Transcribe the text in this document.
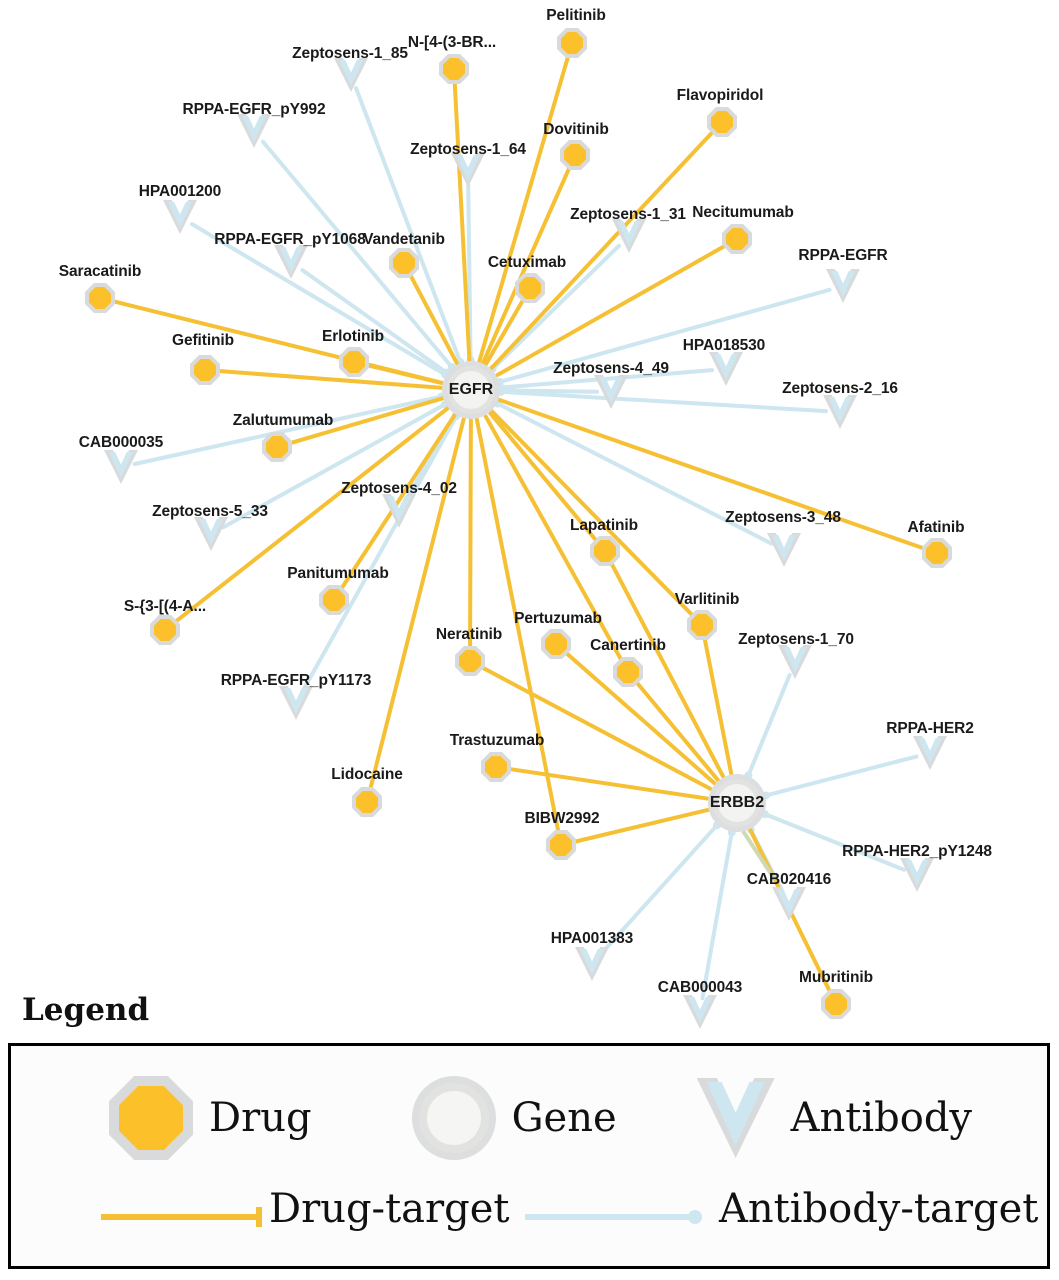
Zeptosens-1_85
RPPA-EGFR_pY992
Zeptosens-1_64
HPA001200
Zeptosens-1_31
RPPA-EGFR_pY1068
RPPA-EGFR
HPA018530
Zeptosens-4_49
Zeptosens-2_16
CAB000035
Zeptosens-4_02
Zeptosens-5_33	Zeptosens-3_48
Zeptosens-1_70
RPPA-EGFR_pY1173
RPPA-HER2
RPPA-HER2_pY1248
CAB020416
HPA001383
CAB000043
Pelitinib
N-[4-(3-BR...
Flavopiridol
Dovitinib
Necitumumab
Vandetanib
Cetuximab
Saracatinib
Erlotinib
Gefitinib
Zalutumumab
Afatinib
Lapatinib
Panitumumab
Varlitinib
S-{3-[(4-A...
Pertuzumab
Neratinib
Canertinib
Trastuzumab
Lidocaine
BIBW2992
Mubritinib
EGFR
ERBB2
Legend
Drug	Gene	Antibody
Drug-target	Antibody-target
